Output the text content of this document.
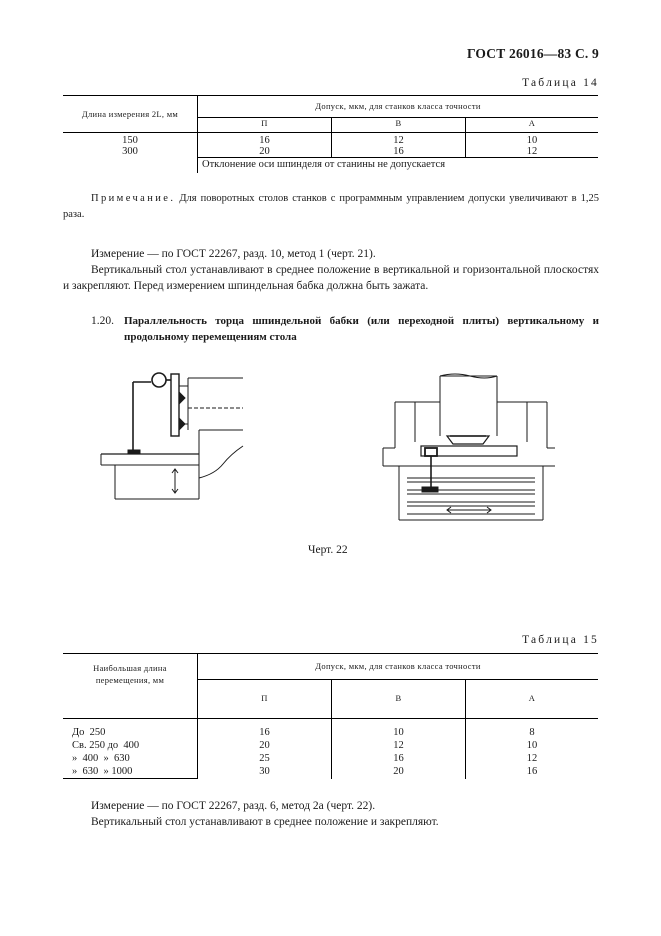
ГОСТ 26016—83 С. 9
Таблица 14
Длина измерения 2L, мм	Допуск, мкм, для станков класса точности		
	П	В	А
150	16	12	10
300	20	16	12
	Отклонение оси шпинделя от станины не допускается		
Примечание. Для поворотных столов станков с программным управлением допуски увеличивают в 1,25 раза.
Измерение — по ГОСТ 22267, разд. 10, метод 1 (черт. 21).
Вертикальный стол устанавливают в среднее положение в вертикальной и горизонтальной плоскостях и закрепляют. Перед измерением шпиндельная бабка должна быть зажата.
1.20. Параллельность торца шпиндельной бабки (или переходной плиты) вертикальному и продольному перемещениям стола
Черт. 22
Таблица 15
Наибольшая длина
перемещения, мм	Допуск, мкм, для станков класса точности		
	П	В	А
До  250	16	10	8
Св. 250 до  400	20	12	10
»  400  »  630	25	16	12
»  630  » 1000	30	20	16
Измерение — по ГОСТ 22267, разд. 6, метод 2а (черт. 22).
Вертикальный стол устанавливают в среднее положение и закрепляют.
